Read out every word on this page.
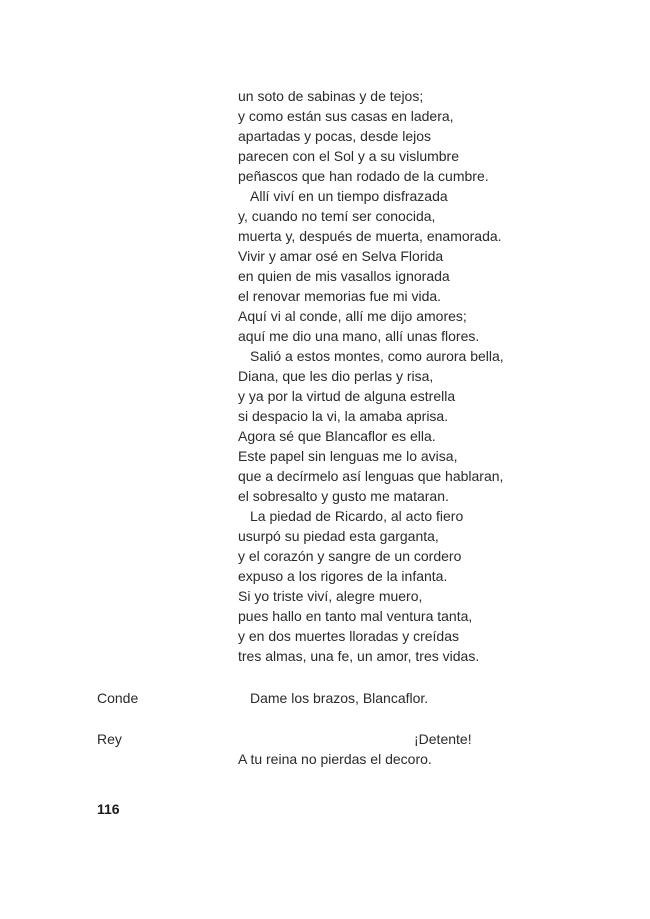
un soto de sabinas y de tejos;
y como están sus casas en ladera,
apartadas y pocas, desde lejos
parecen con el Sol y a su vislumbre
peñascos que han rodado de la cumbre.
Allí viví en un tiempo disfrazada
y, cuando no temí ser conocida,
muerta y, después de muerta, enamorada.
Vivir y amar osé en Selva Florida
en quien de mis vasallos ignorada
el renovar memorias fue mi vida.
Aquí vi al conde, allí me dijo amores;
aquí me dio una mano, allí unas flores.
Salió a estos montes, como aurora bella,
Diana, que les dio perlas y risa,
y ya por la virtud de alguna estrella
si despacio la vi, la amaba aprisa.
Agora sé que Blancaflor es ella.
Este papel sin lenguas me lo avisa,
que a decírmelo así lenguas que hablaran,
el sobresalto y gusto me mataran.
La piedad de Ricardo, al acto fiero
usurpó su piedad esta garganta,
y el corazón y sangre de un cordero
expuso a los rigores de la infanta.
Si yo triste viví, alegre muero,
pues hallo en tanto mal ventura tanta,
y en dos muertes lloradas y creídas
tres almas, una fe, un amor, tres vidas.
Conde	Dame los brazos, Blancaflor.
Rey	¡Detente!
A tu reina no pierdas el decoro.
116
